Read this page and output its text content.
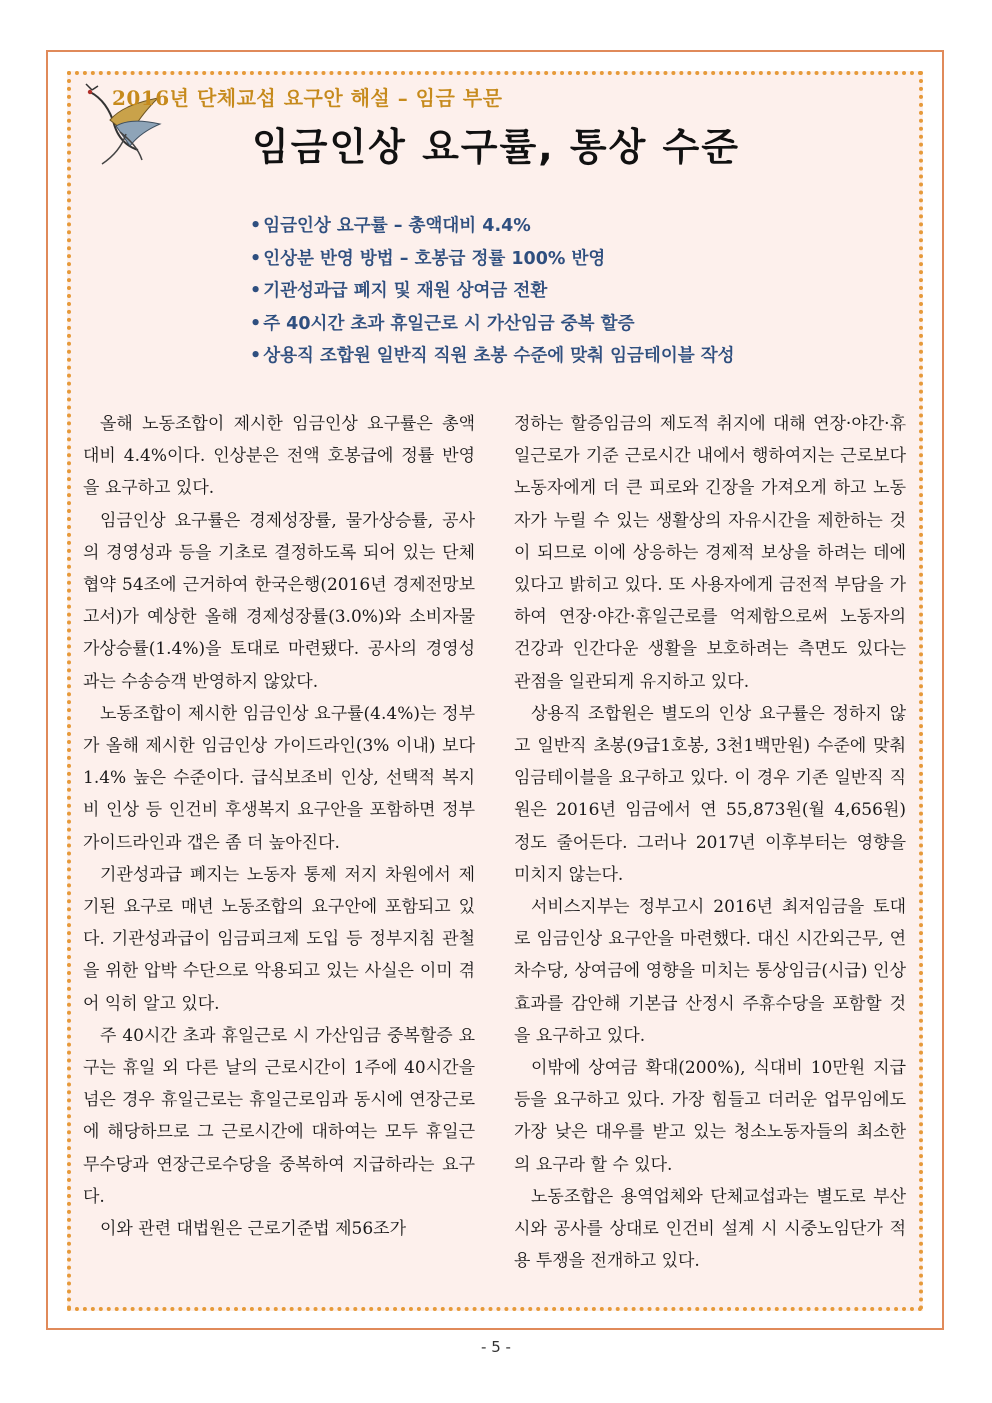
2016년 단체교섭 요구안 해설 – 임금 부문
임금인상 요구률, 통상 수준
• 임금인상 요구률 – 총액대비 4.4%
• 인상분 반영 방법 – 호봉급 정률 100% 반영
• 기관성과급 폐지 및 재원 상여금 전환
• 주 40시간 초과 휴일근로 시 가산임금 중복 할증
• 상용직 조합원 일반직 직원 초봉 수준에 맞춰 임금테이블 작성

올해 노동조합이 제시한 임금인상 요구률은 총액 대비 4.4%이다. 인상분은 전액 호봉급에 정률 반영을 요구하고 있다.

임금인상 요구률은 경제성장률, 물가상승률, 공사의 경영성과 등을 기초로 결정하도록 되어 있는 단체협약 54조에 근거하여 한국은행(2016년 경제전망보고서)가 예상한 올해 경제성장률(3.0%)와 소비자물가상승률(1.4%)을 토대로 마련됐다. 공사의 경영성과는 수송승객 반영하지 않았다.

노동조합이 제시한 임금인상 요구률(4.4%)는 정부가 올해 제시한 임금인상 가이드라인(3% 이내) 보다 1.4% 높은 수준이다. 급식보조비 인상, 선택적 복지비 인상 등 인건비 후생복지 요구안을 포함하면 정부가이드라인과 갭은 좀 더 높아진다.

기관성과급 폐지는 노동자 통제 저지 차원에서 제기된 요구로 매년 노동조합의 요구안에 포함되고 있다. 기관성과급이 임금피크제 도입 등 정부지침 관철을 위한 압박 수단으로 악용되고 있는 사실은 이미 겪어 익히 알고 있다.

주 40시간 초과 휴일근로 시 가산임금 중복할증 요구는 휴일 외 다른 날의 근로시간이 1주에 40시간을 넘은 경우 휴일근로는 휴일근로임과 동시에 연장근로에 해당하므로 그 근로시간에 대하여는 모두 휴일근무수당과 연장근로수당을 중복하여 지급하라는 요구다.

이와 관련 대법원은 근로기준법 제56조가

정하는 할증임금의 제도적 취지에 대해 연장·야간·휴일근로가 기준 근로시간 내에서 행하여지는 근로보다 노동자에게 더 큰 피로와 긴장을 가져오게 하고 노동자가 누릴 수 있는 생활상의 자유시간을 제한하는 것이 되므로 이에 상응하는 경제적 보상을 하려는 데에 있다고 밝히고 있다. 또 사용자에게 금전적 부담을 가하여 연장·야간·휴일근로를 억제함으로써 노동자의 건강과 인간다운 생활을 보호하려는 측면도 있다는 관점을 일관되게 유지하고 있다.

상용직 조합원은 별도의 인상 요구률은 정하지 않고 일반직 초봉(9급1호봉, 3천1백만원) 수준에 맞춰 임금테이블을 요구하고 있다. 이 경우 기존 일반직 직원은 2016년 임금에서 연 55,873원(월 4,656원) 정도 줄어든다. 그러나 2017년 이후부터는 영향을 미치지 않는다.

서비스지부는 정부고시 2016년 최저임금을 토대로 임금인상 요구안을 마련했다. 대신 시간외근무, 연차수당, 상여금에 영향을 미치는 통상임금(시급) 인상효과를 감안해 기본급 산정시 주휴수당을 포함할 것을 요구하고 있다.

이밖에 상여금 확대(200%), 식대비 10만원 지급 등을 요구하고 있다. 가장 힘들고 더러운 업무임에도 가장 낮은 대우를 받고 있는 청소노동자들의 최소한의 요구라 할 수 있다.

노동조합은 용역업체와 단체교섭과는 별도로 부산시와 공사를 상대로 인건비 설계 시 시중노임단가 적용 투쟁을 전개하고 있다.

- 5 -
